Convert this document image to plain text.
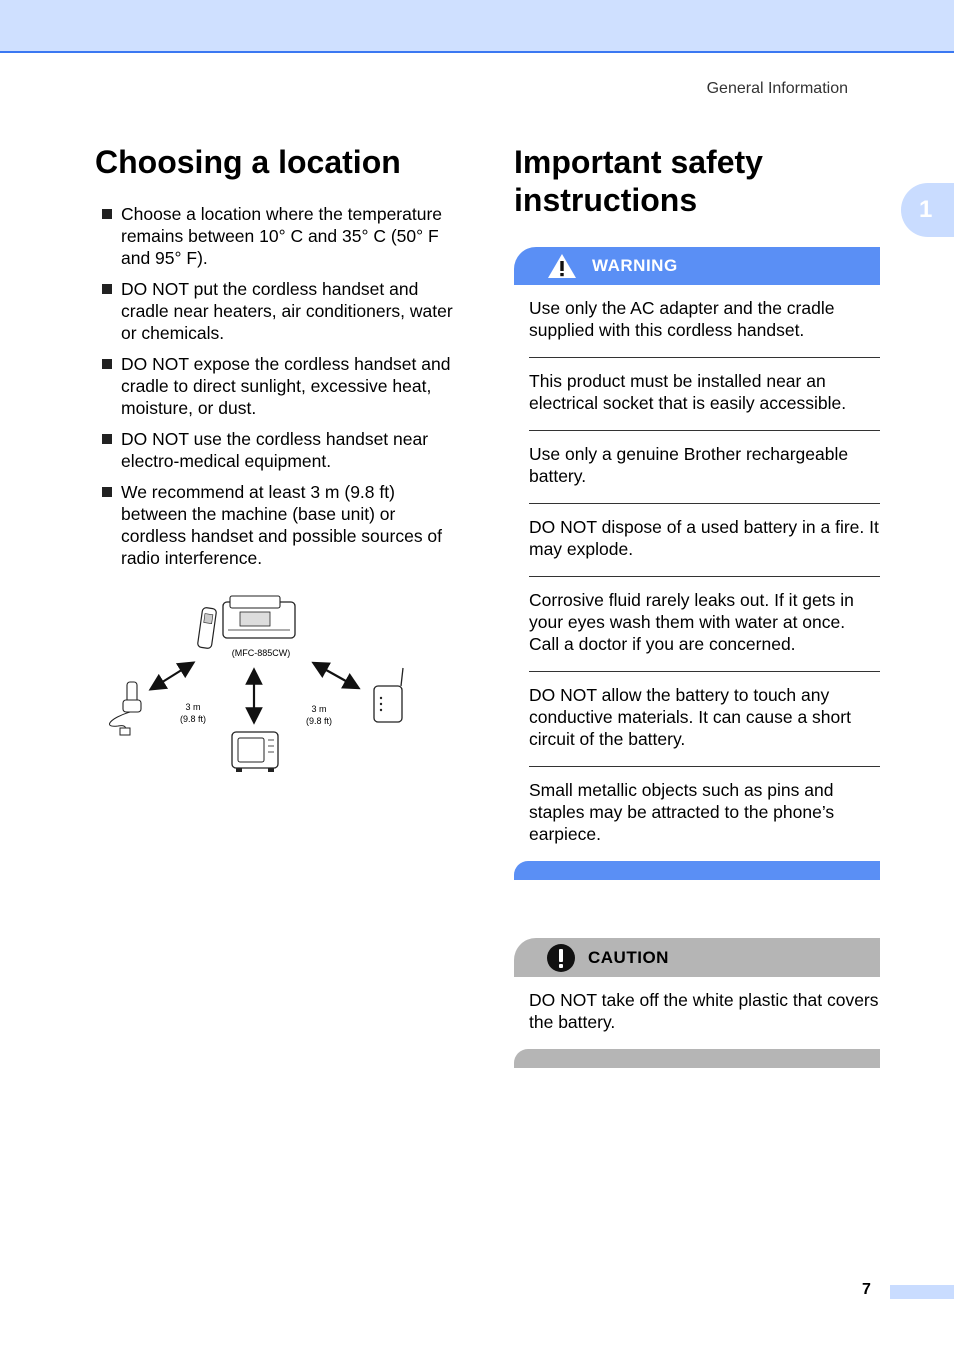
General Information
1
Choosing a location
Choose a location where the temperature remains between 10° C and 35° C (50° F and 95° F).
DO NOT put the cordless handset and cradle near heaters, air conditioners, water or chemicals.
DO NOT expose the cordless handset and cradle to direct sunlight, excessive heat, moisture, or dust.
DO NOT use the cordless handset near electro-medical equipment.
We recommend at least 3 m (9.8 ft) between the machine (base unit) or cordless handset and possible sources of radio interference.
(MFC-885CW)
3 m
(9.8 ft)
3 m
(9.8 ft)
Important safety instructions
WARNING
Use only the AC adapter and the cradle supplied with this cordless handset.
This product must be installed near an electrical socket that is easily accessible.
Use only a genuine Brother rechargeable battery.
DO NOT dispose of a used battery in a fire. It may explode.
Corrosive fluid rarely leaks out. If it gets in your eyes wash them with water at once. Call a doctor if you are concerned.
DO NOT allow the battery to touch any conductive materials. It can cause a short circuit of the battery.
Small metallic objects such as pins and staples may be attracted to the phone’s earpiece.
CAUTION
DO NOT take off the white plastic that covers the battery.
7
